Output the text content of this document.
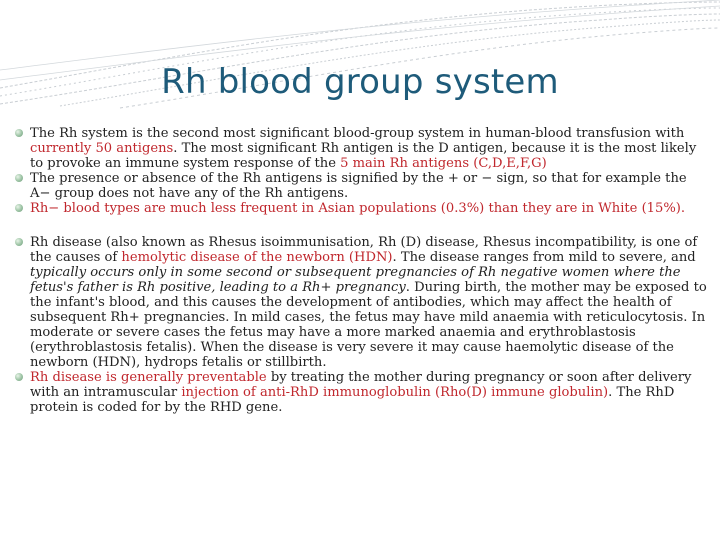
Rh blood group system
The Rh system is the second most significant blood-group system in human-blood transfusion with currently 50 antigens. The most significant Rh antigen is the D antigen, because it is the most likely to provoke an immune system response of the 5 main Rh antigens (C,D,E,F,G)
The presence or absence of the Rh antigens is signified by the + or − sign, so that for example the A− group does not have any of the Rh antigens.
Rh− blood types are much less frequent in Asian populations (0.3%) than they are in White (15%).
Rh disease (also known as Rhesus isoimmunisation, Rh (D) disease, Rhesus incompatibility, is one of the causes of hemolytic disease of the newborn (HDN). The disease ranges from mild to severe, and typically occurs only in some second or subsequent pregnancies of Rh negative women where the fetus's father is Rh positive, leading to a Rh+ pregnancy. During birth, the mother may be exposed to the infant's blood, and this causes the development of antibodies, which may affect the health of subsequent Rh+ pregnancies. In mild cases, the fetus may have mild anaemia with reticulocytosis. In moderate or severe cases the fetus may have a more marked anaemia and erythroblastosis (erythroblastosis fetalis). When the disease is very severe it may cause haemolytic disease of the newborn (HDN), hydrops fetalis or stillbirth.
Rh disease is generally preventable by treating the mother during pregnancy or soon after delivery with an intramuscular injection of anti-RhD immunoglobulin (Rho(D) immune globulin). The RhD protein is coded for by the RHD gene.
